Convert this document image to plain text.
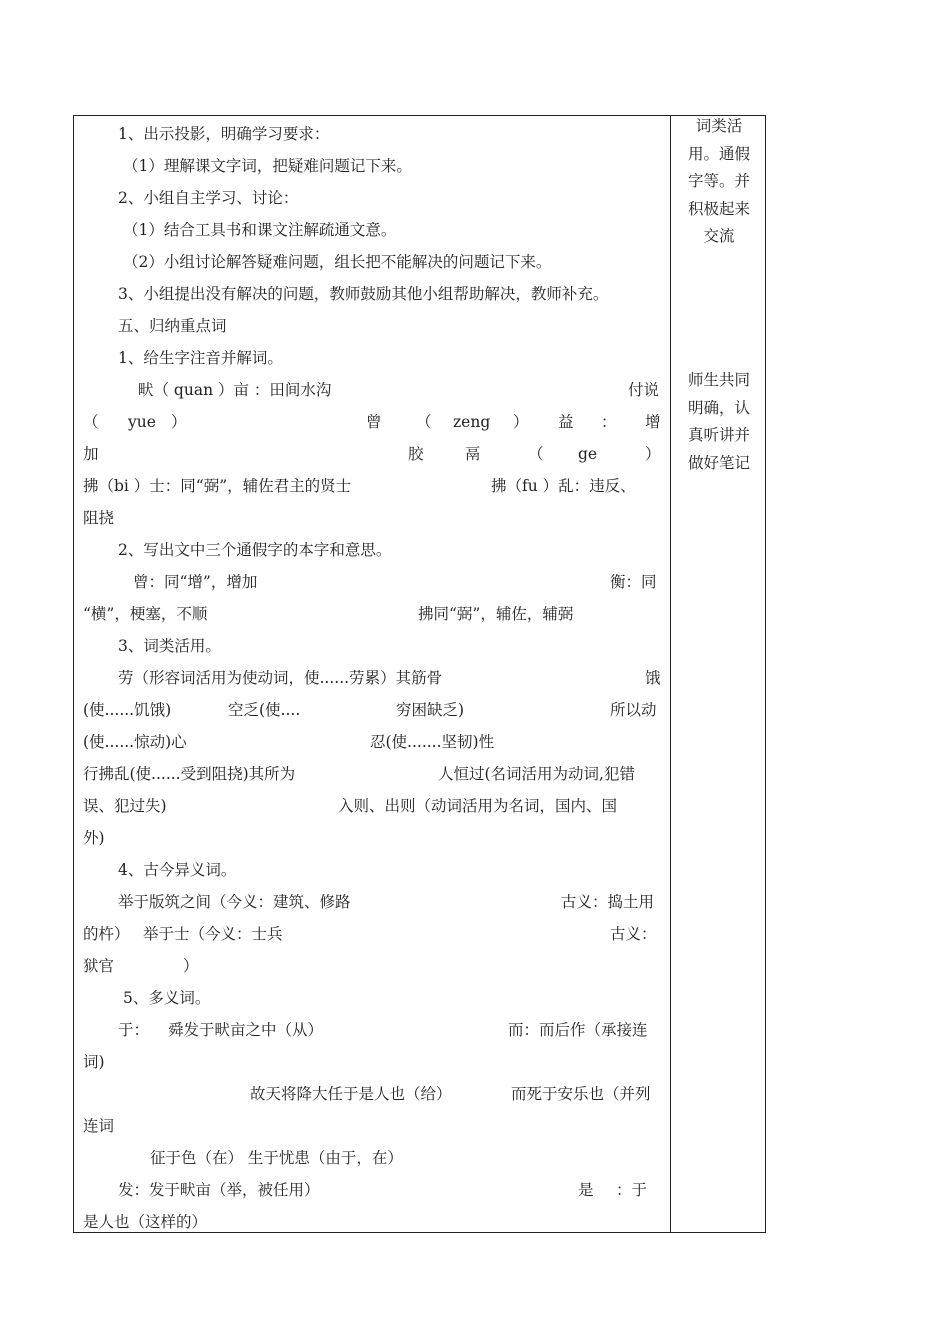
1、出示投影，明确学习要求：
（1）理解课文字词，把疑难问题记下来。
2、小组自主学习、讨论：
（1）结合工具书和课文注解疏通文意。
（2）小组讨论解答疑难问题，组长把不能解决的问题记下来。
3、小组提出没有解决的问题，教师鼓励其他小组帮助解决，教师补充。
五、归纳重点词
1、给生字注音并解词。
畎（ quan ）亩 ：田间水沟	付说
（ yue ）	曾 （ zeng ） 益 ： 增
加	胶	鬲	（ ge	）
拂（bi ）士：同“弼”，辅佐君主的贤士	拂（fu ）乱：违反、
阻挠
2、写出文中三个通假字的本字和意思。
曾：同“增”，增加	衡：同
“横”，梗塞，不顺	拂同“弼”，辅佐，辅弼
3、词类活用。
劳（形容词活用为使动词，使......劳累）其筋骨	饿
(使......饥饿)	空乏(使....	穷困缺乏)	所以动
(使......惊动)心	忍(使.......坚韧)性
行拂乱(使......受到阻挠)其所为	人恒过(名词活用为动词,犯错
误、犯过失)	入则、出则（动词活用为名词，国内、国
外)
4、古今异义词。
举于版筑之间（今义：建筑、修路	古义：捣土用
的杵） 举于士（今义：士兵	古义：
狱官	）
5、多义词。
于： 舜发于畎亩之中（从）	而：而后作（承接连
词)
故天将降大任于是人也（给）	而死于安乐也（并列
连词
征于色（在） 生于忧患（由于，在）
发：发于畎亩（举，被任用）	是 ：于
是人也（这样的）
词类活
用。通假
字等。并
积极起来
交流
师生共同
明确，认
真听讲并
做好笔记
